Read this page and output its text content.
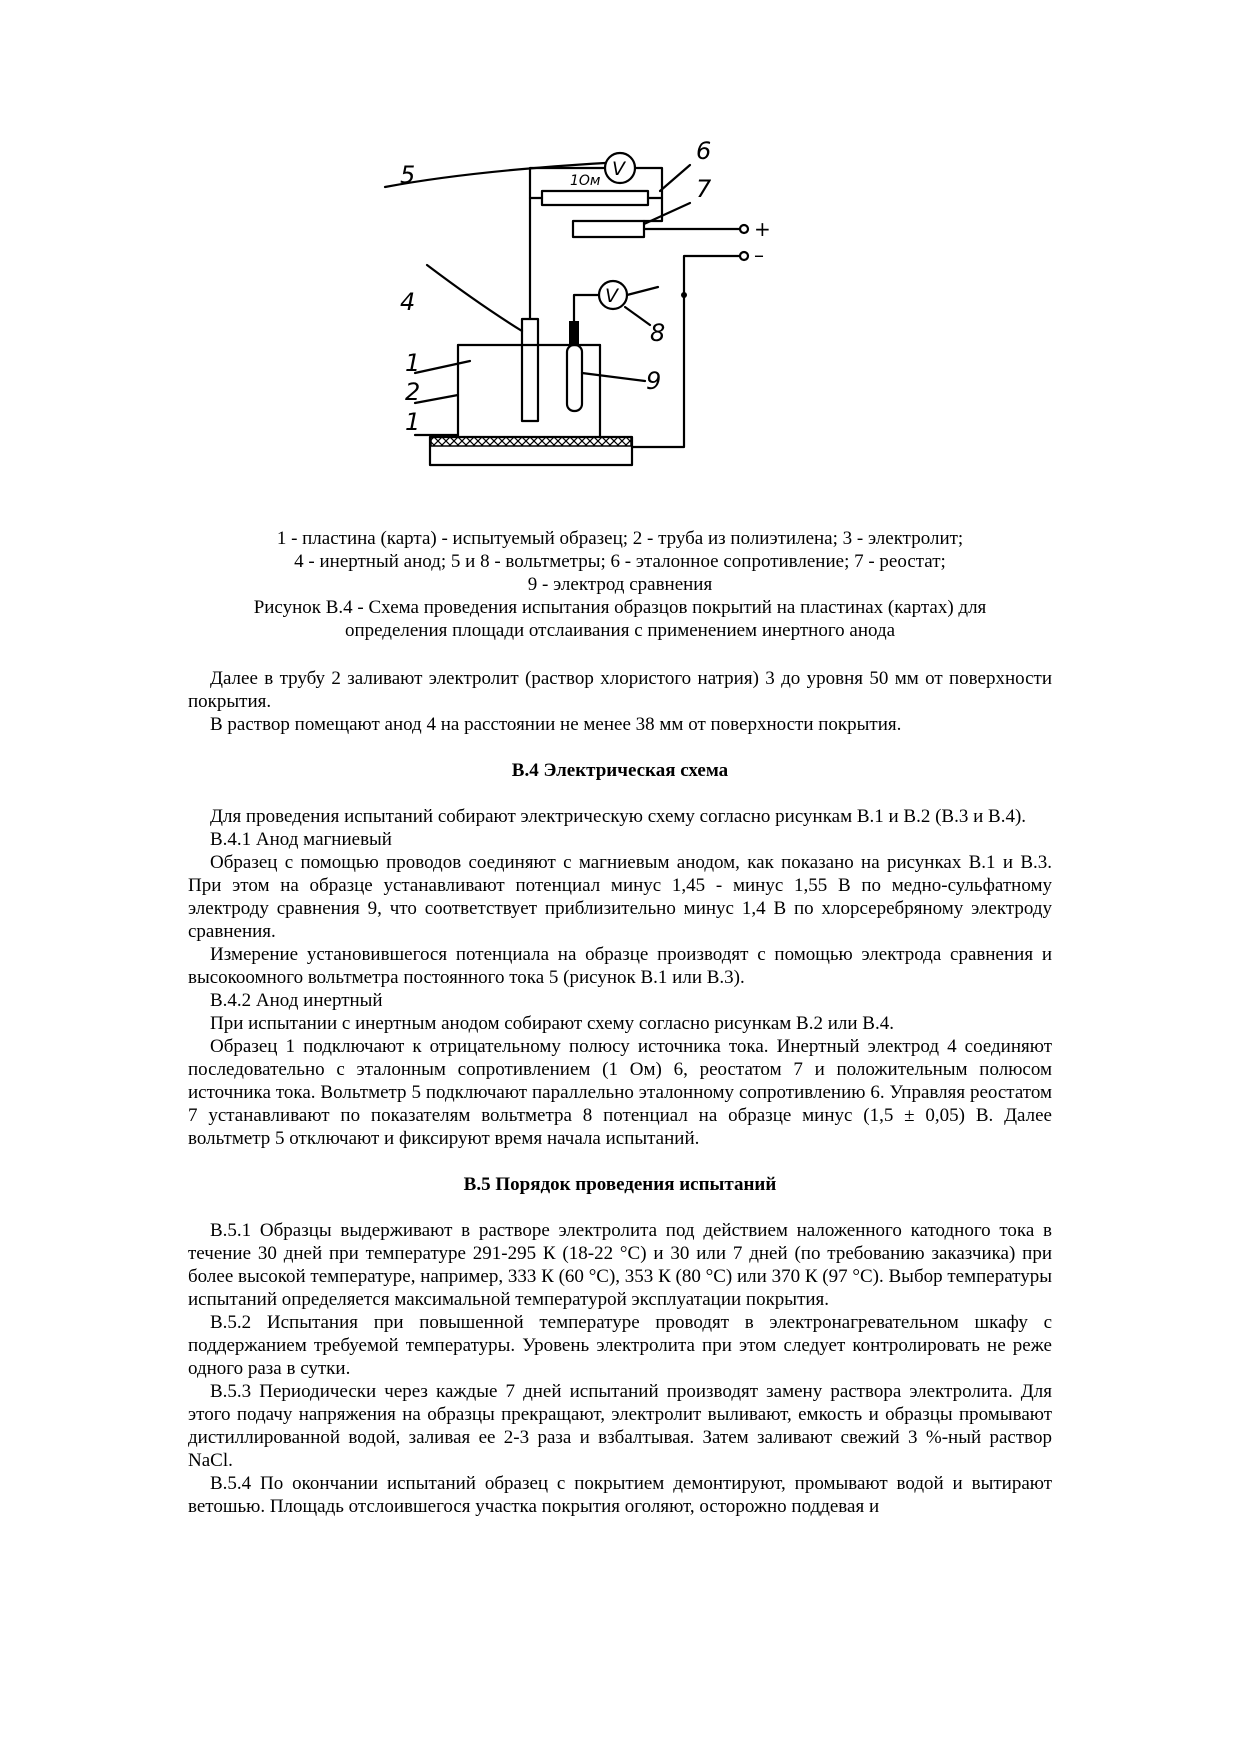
5
6
7
4
8
1
2
1
9
1Ом
V
V
+
–

1 - пластина (карта) - испытуемый образец; 2 - труба из полиэтилена; 3 - электролит;

4 - инертный анод; 5 и 8 - вольтметры; 6 - эталонное сопротивление; 7 - реостат;

9 - электрод сравнения

Рисунок В.4 - Схема проведения испытания образцов покрытий на пластинах (картах) для

определения площади отслаивания с применением инертного анода

Далее в трубу 2 заливают электролит (раствор хлористого натрия) 3 до уровня 50 мм от поверхности покрытия.

В раствор помещают анод 4 на расстоянии не менее 38 мм от поверхности покрытия.

В.4 Электрическая схема

Для проведения испытаний собирают электрическую схему согласно рисункам В.1 и В.2 (В.3 и В.4).

В.4.1 Анод магниевый

Образец с помощью проводов соединяют с магниевым анодом, как показано на рисунках В.1 и В.3. При этом на образце устанавливают потенциал минус 1,45 - минус 1,55 В по медно-сульфатному электроду сравнения 9, что соответствует приблизительно минус 1,4 В по хлорсеребряному электроду сравнения.

Измерение установившегося потенциала на образце производят с помощью электрода сравнения и высокоомного вольтметра постоянного тока 5 (рисунок В.1 или В.3).

В.4.2 Анод инертный

При испытании с инертным анодом собирают схему согласно рисункам В.2 или В.4.

Образец 1 подключают к отрицательному полюсу источника тока. Инертный электрод 4 соединяют последовательно с эталонным сопротивлением (1 Ом) 6, реостатом 7 и положительным полюсом источника тока. Вольтметр 5 подключают параллельно эталонному сопротивлению 6. Управляя реостатом 7 устанавливают по показателям вольтметра 8 потенциал на образце минус (1,5 ± 0,05) В. Далее вольтметр 5 отключают и фиксируют время начала испытаний.

В.5 Порядок проведения испытаний

В.5.1 Образцы выдерживают в растворе электролита под действием наложенного катодного тока в течение 30 дней при температуре 291-295 К (18-22 °С) и 30 или 7 дней (по требованию заказчика) при более высокой температуре, например, 333 К (60 °С), 353 К (80 °С) или 370 К (97 °С). Выбор температуры испытаний определяется максимальной температурой эксплуатации покрытия.

В.5.2 Испытания при повышенной температуре проводят в электронагревательном шкафу с поддержанием требуемой температуры. Уровень электролита при этом следует контролировать не реже одного раза в сутки.

В.5.3 Периодически через каждые 7 дней испытаний производят замену раствора электролита. Для этого подачу напряжения на образцы прекращают, электролит выливают, емкость и образцы промывают дистиллированной водой, заливая ее 2-3 раза и взбалтывая. Затем заливают свежий 3 %-ный раствор NaCl.

В.5.4 По окончании испытаний образец с покрытием демонтируют, промывают водой и вытирают ветошью. Площадь отслоившегося участка покрытия оголяют, осторожно поддевая и
